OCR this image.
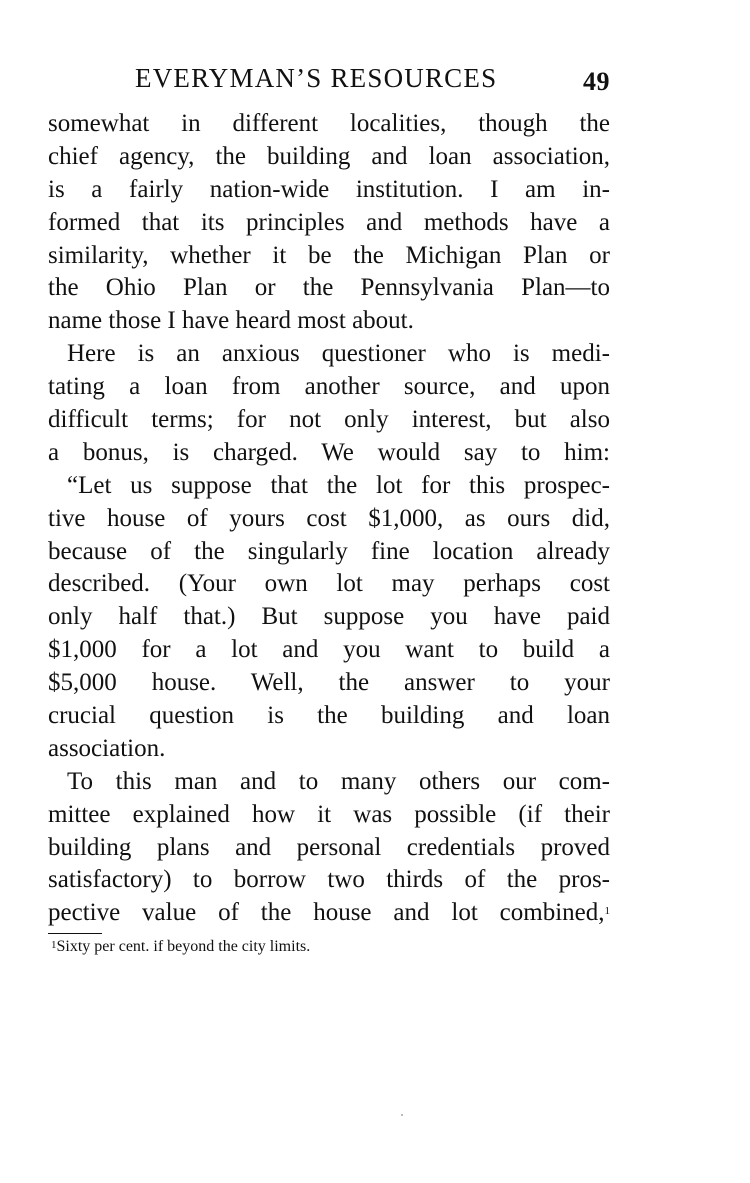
EVERYMAN’S RESOURCES	49
somewhat in different localities, though the
chief agency, the building and loan association,
is a fairly nation-wide institution. I am in-
formed that its principles and methods have a
similarity, whether it be the Michigan Plan or
the Ohio Plan or the Pennsylvania Plan—to
name those I have heard most about.
Here is an anxious questioner who is medi-
tating a loan from another source, and upon
difficult terms; for not only interest, but also
a bonus, is charged. We would say to him:
“Let us suppose that the lot for this prospec-
tive house of yours cost $1,000, as ours did,
because of the singularly fine location already
described. (Your own lot may perhaps cost
only half that.) But suppose you have paid
$1,000 for a lot and you want to build a
$5,000 house. Well, the answer to your
crucial question is the building and loan
association.
To this man and to many others our com-
mittee explained how it was possible (if their
building plans and personal credentials proved
satisfactory) to borrow two thirds of the pros-
pective value of the house and lot combined,$^1$
$^1$Sixty per cent. if beyond the city limits.
